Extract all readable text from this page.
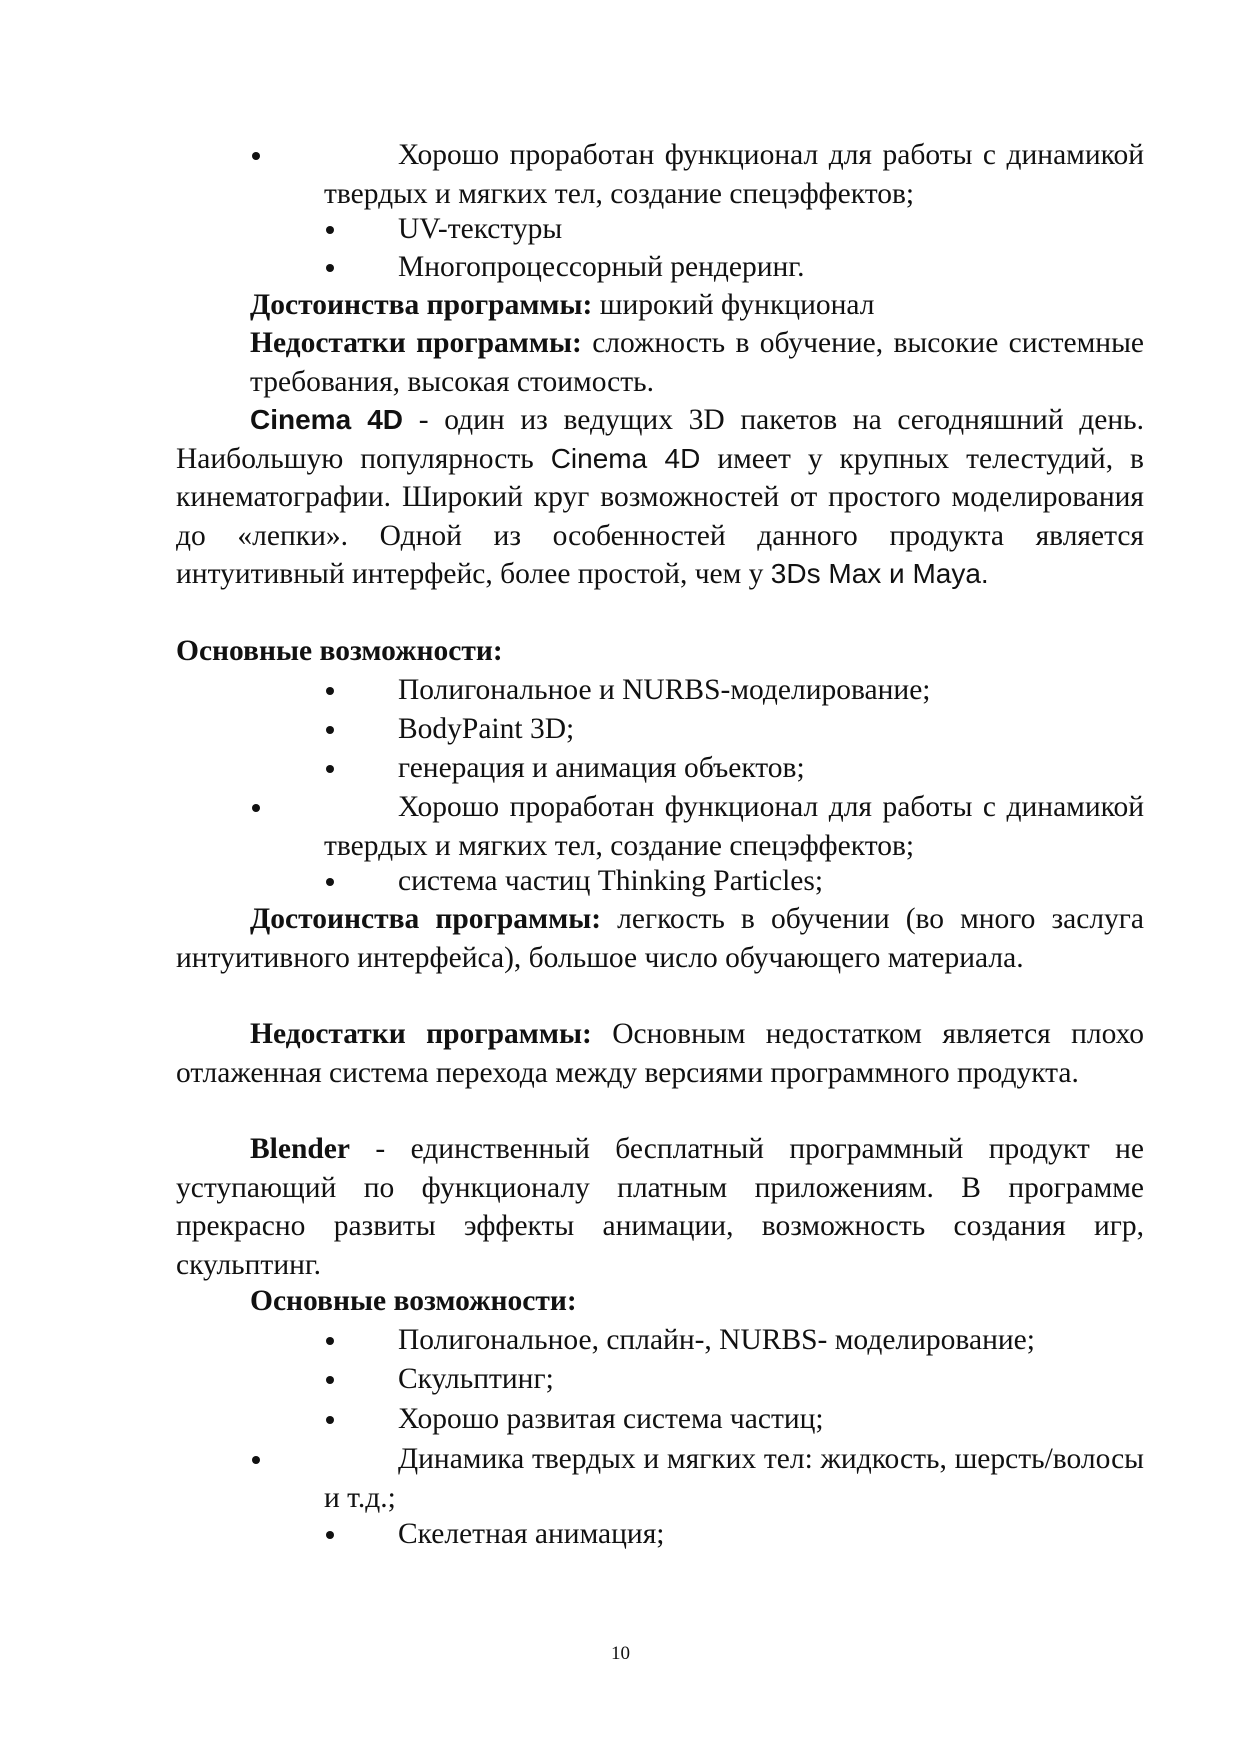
Хорошо проработан функционал для работы с динамикой твердых и мягких тел, создание спецэффектов;

UV-текстуры

Многопроцессорный рендеринг.

Достоинства программы: широкий функционал

Недостатки программы: сложность в обучение, высокие системные требования, высокая стоимость.

Cinema 4D - один из ведущих 3D пакетов на сегодняшний день. Наибольшую популярность Cinema 4D имеет у крупных телестудий, в кинематографии. Широкий круг возможностей от простого моделирования до «лепки». Одной из особенностей данного продукта является интуитивный интерфейс, более простой, чем у 3Ds Max и Maya.

Основные возможности:

Полигональное и NURBS-моделирование;

BodyPaint 3D;

генерация и анимация объектов;

Хорошо проработан функционал для работы с динамикой твердых и мягких тел, создание спецэффектов;

система частиц Thinking Particles;

Достоинства программы: легкость в обучении (во много заслуга интуитивного интерфейса), большое число обучающего материала.

Недостатки программы: Основным недостатком является плохо отлаженная система перехода между версиями программного продукта.

Blender - единственный бесплатный программный продукт не уступающий по функционалу платным приложениям. В программе прекрасно развиты эффекты анимации, возможность создания игр, скульптинг.

Основные возможности:

Полигональное, сплайн-, NURBS- моделирование;

Скульптинг;

Хорошо развитая система частиц;

Динамика твердых и мягких тел: жидкость, шерсть/волосы и т.д.;

Скелетная анимация;

10
